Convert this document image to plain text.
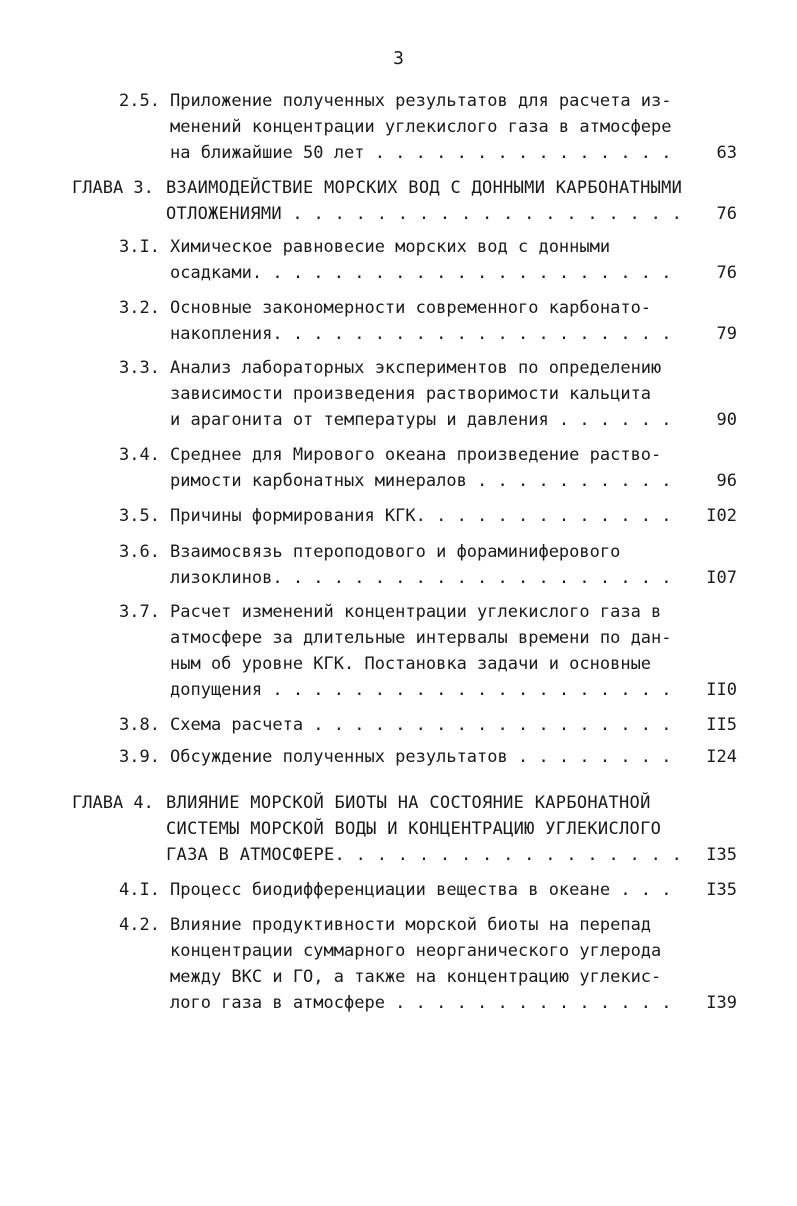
3
2.5. Приложение полученных результатов для расчета из-
менений концентрации углекислого газа в атмосфере
на ближайшие 50 лет . . . . . . . . . . . . . . .	63
ГЛАВА 3. ВЗАИМОДЕЙСТВИЕ МОРСКИХ ВОД С ДОННЫМИ КАРБОНАТНЫМИ
ОТЛОЖЕНИЯМИ . . . . . . . . . . . . . . . . . . . 76
3.I. Химическое равновесие морских вод с донными
осадками. . . . . . . . . . . . . . . . . . . . .	76
3.2. Основные закономерности современного карбонато-
накопления. . . . . . . . . . . . . . . . . . . .	79
3.3. Анализ лабораторных экспериментов по определению
зависимости произведения растворимости кальцита
и арагонита от температуры и давления . . . . . .	90
3.4. Среднее для Мирового океана произведение раство-
римости карбонатных минералов . . . . . . . . . .	96
3.5. Причины формирования КГК. . . . . . . . . . . . . I02
3.6. Взаимосвязь птероподового и фораминиферового
лизоклинов. . . . . . . . . . . . . . . . . . . . I07
3.7. Расчет изменений концентрации углекислого газа в
атмосфере за длительные интервалы времени по дан-
ным об уровне КГК. Постановка задачи и основные
допущения . . . . . . . . . . . . . . . . . . . . II0
3.8. Схема расчета . . . . . . . . . . . . . . . . . . II5
3.9. Обсуждение полученных результатов . . . . . . . . I24
ГЛАВА 4. ВЛИЯНИЕ МОРСКОЙ БИОТЫ НА СОСТОЯНИЕ КАРБОНАТНОЙ
СИСТЕМЫ МОРСКОЙ ВОДЫ И КОНЦЕНТРАЦИЮ УГЛЕКИСЛОГО
ГАЗА В АТМОСФЕРЕ. . . . . . . . . . . . . . . . . I35
4.I. Процесс биодифференциации вещества в океане . . . I35
4.2. Влияние продуктивности морской биоты на перепад
концентрации суммарного неорганического углерода
между ВКС и ГО, а также на концентрацию углекис-
лого газа в атмосфере . . . . . . . . . . . . . . I39
